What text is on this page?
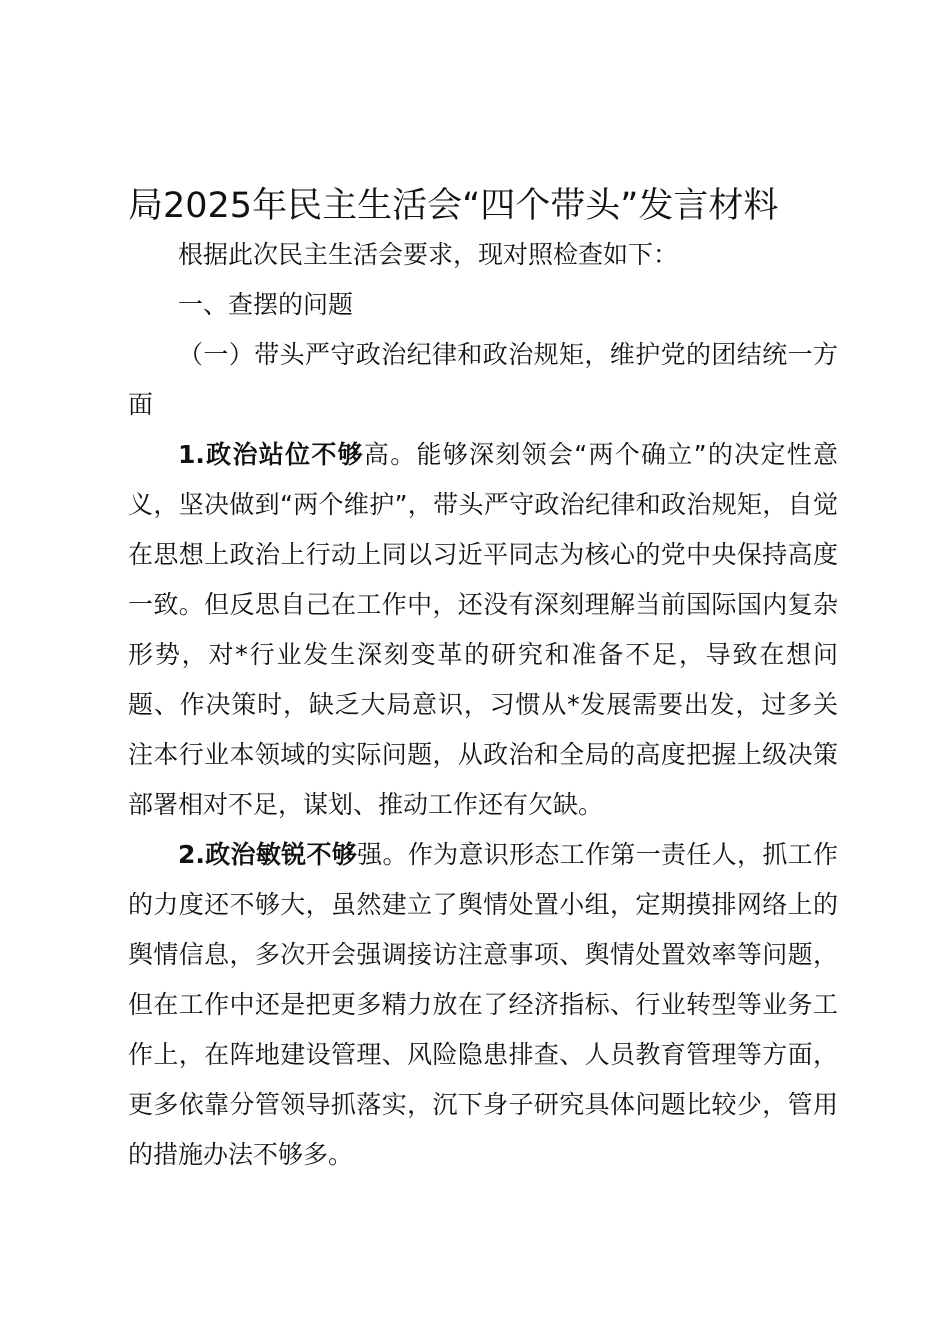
局2025年民主生活会“四个带头”发言材料

根据此次民主生活会要求，现对照检查如下：

一、查摆的问题

（一）带头严守政治纪律和政治规矩，维护党的团结统一方面

1.政治站位不够高。能够深刻领会“两个确立”的决定性意义，坚决做到“两个维护”，带头严守政治纪律和政治规矩，自觉在思想上政治上行动上同以习近平同志为核心的党中央保持高度一致。但反思自己在工作中，还没有深刻理解当前国际国内复杂形势，对*行业发生深刻变革的研究和准备不足，导致在想问题、作决策时，缺乏大局意识，习惯从*发展需要出发，过多关注本行业本领域的实际问题，从政治和全局的高度把握上级决策部署相对不足，谋划、推动工作还有欠缺。

2.政治敏锐不够强。作为意识形态工作第一责任人，抓工作的力度还不够大，虽然建立了舆情处置小组，定期摸排网络上的舆情信息，多次开会强调接访注意事项、舆情处置效率等问题，但在工作中还是把更多精力放在了经济指标、行业转型等业务工作上，在阵地建设管理、风险隐患排查、人员教育管理等方面，更多依靠分管领导抓落实，沉下身子研究具体问题比较少，管用的措施办法不够多。
